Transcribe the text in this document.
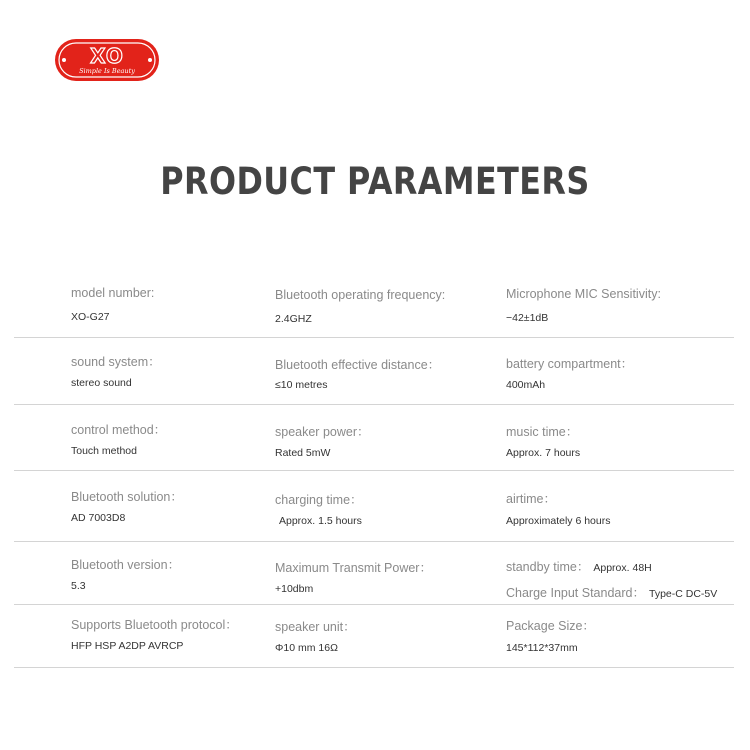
XO
Simple Is Beauty
PRODUCT PARAMETERS
model number:
XO-G27
Bluetooth operating frequency:
2.4GHZ
Microphone MIC Sensitivity:
−42±1dB
sound system：
stereo sound
Bluetooth effective distance：
≤10 metres
battery compartment：
400mAh
control method：
Touch method
speaker power：
Rated 5mW
music time：
Approx. 7 hours
Bluetooth solution：
AD 7003D8
charging time：
Approx. 1.5 hours
airtime：
Approximately 6 hours
Bluetooth version：
5.3
Maximum Transmit Power：
+10dbm
standby time： Approx. 48H
Charge Input Standard： Type-C DC-5V
Supports Bluetooth protocol：
HFP HSP A2DP AVRCP
speaker unit：
Φ10 mm 16Ω
Package Size：
145*112*37mm
